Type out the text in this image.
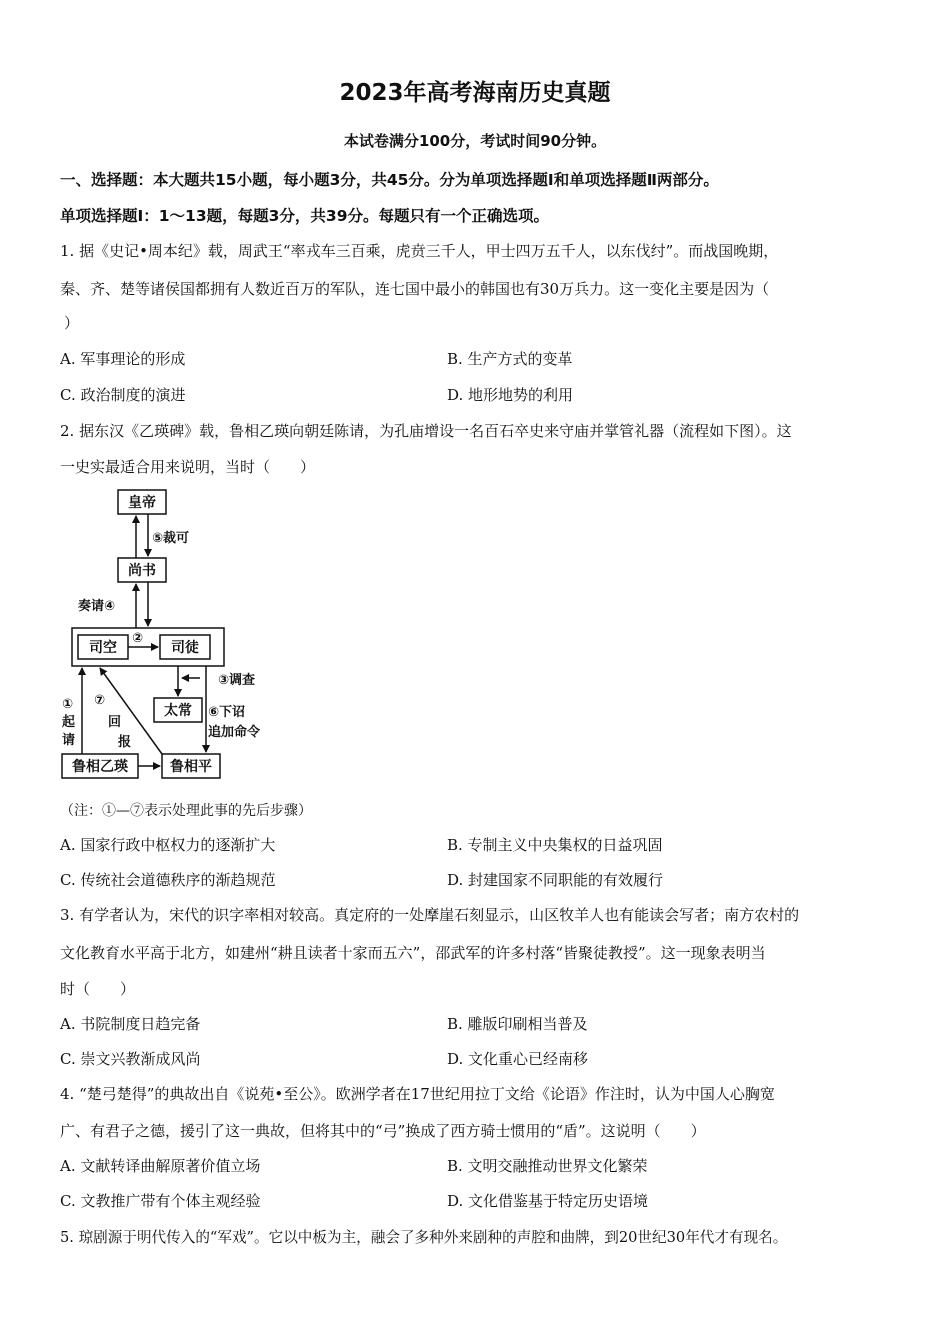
2023年高考海南历史真题
本试卷满分100分，考试时间90分钟。
一、选择题：本大题共15小题，每小题3分，共45分。分为单项选择题Ⅰ和单项选择题Ⅱ两部分。
单项选择题Ⅰ：1～13题，每题3分，共39分。每题只有一个正确选项。
1. 据《史记•周本纪》载，周武王“率戎车三百乘，虎贲三千人，甲士四万五千人，以东伐纣”。而战国晚期，
秦、齐、楚等诸侯国都拥有人数近百万的军队，连七国中最小的韩国也有30万兵力。这一变化主要是因为（
）
A. 军事理论的形成	B. 生产方式的变革
C. 政治制度的演进	D. 地形地势的利用
2. 据东汉《乙瑛碑》载，鲁相乙瑛向朝廷陈请，为孔庙增设一名百石卒史来守庙并掌管礼器（流程如下图）。这
一史实最适合用来说明，当时（　　）
皇帝
尚书
司空	司徒
太常
鲁相乙瑛	鲁相平
⑤裁可
奏请④
②
③调查
⑥下诏
追加命令
①
起
请
⑦
回
报
（注：①—⑦表示处理此事的先后步骤）
A. 国家行政中枢权力的逐渐扩大	B. 专制主义中央集权的日益巩固
C. 传统社会道德秩序的渐趋规范	D. 封建国家不同职能的有效履行
3. 有学者认为，宋代的识字率相对较高。真定府的一处摩崖石刻显示，山区牧羊人也有能读会写者；南方农村的
文化教育水平高于北方，如建州“耕且读者十家而五六”，邵武军的许多村落“皆聚徒教授”。这一现象表明当
时（　　）
A. 书院制度日趋完备	B. 雕版印刷相当普及
C. 崇文兴教渐成风尚	D. 文化重心已经南移
4. “楚弓楚得”的典故出自《说苑•至公》。欧洲学者在17世纪用拉丁文给《论语》作注时，认为中国人心胸宽
广、有君子之德，援引了这一典故，但将其中的“弓”换成了西方骑士惯用的“盾”。这说明（　　）
A. 文献转译曲解原著价值立场	B. 文明交融推动世界文化繁荣
C. 文教推广带有个体主观经验	D. 文化借鉴基于特定历史语境
5. 琼剧源于明代传入的“军戏”。它以中板为主，融会了多种外来剧种的声腔和曲牌，到20世纪30年代才有现名。
